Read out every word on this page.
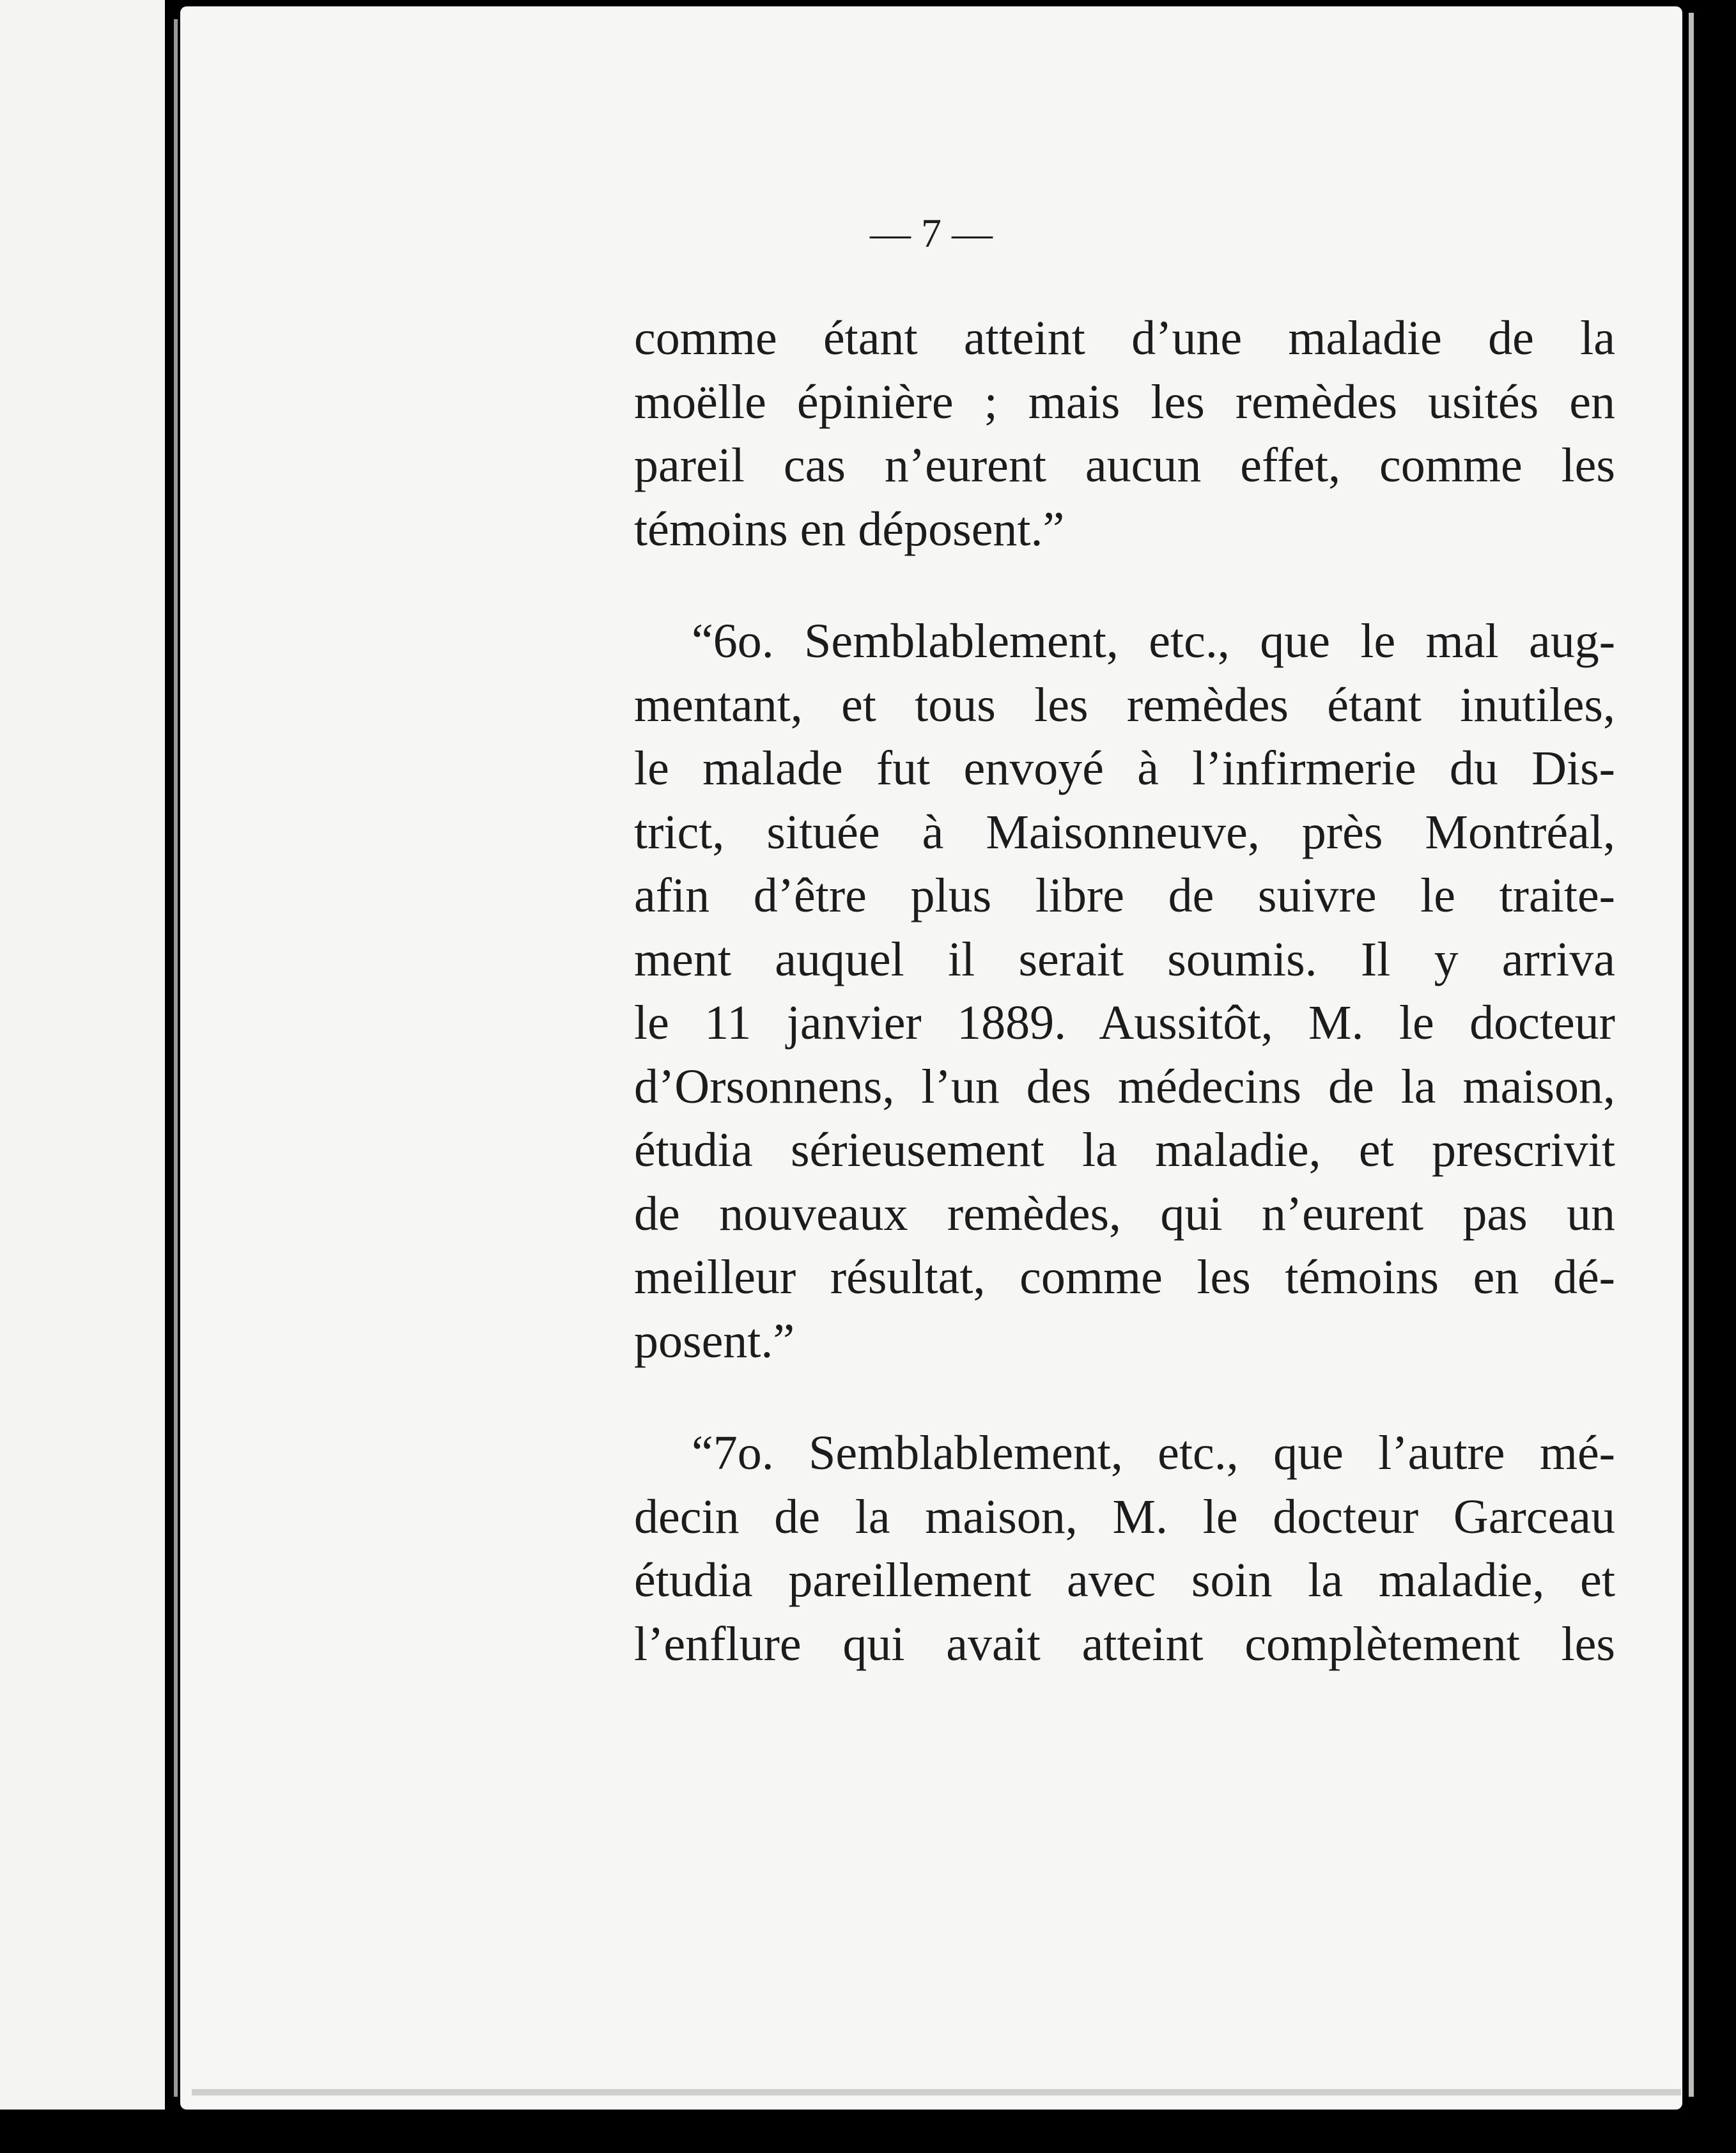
— 7 —
comme étant atteint d’une maladie de la
moëlle épinière ; mais les remèdes usités en
pareil cas n’eurent aucun effet, comme les
témoins en déposent.”
“6o. Semblablement, etc., que le mal aug-
mentant, et tous les remèdes étant inutiles,
le malade fut envoyé à l’infirmerie du Dis-
trict, située à Maisonneuve, près Montréal,
afin d’être plus libre de suivre le traite-
ment auquel il serait soumis. Il y arriva
le 11 janvier 1889. Aussitôt, M. le docteur
d’Orsonnens, l’un des médecins de la maison,
étudia sérieusement la maladie, et prescrivit
de nouveaux remèdes, qui n’eurent pas un
meilleur résultat, comme les témoins en dé-
posent.”
“7o. Semblablement, etc., que l’autre mé-
decin de la maison, M. le docteur Garceau
étudia pareillement avec soin la maladie, et
l’enflure qui avait atteint complètement les
